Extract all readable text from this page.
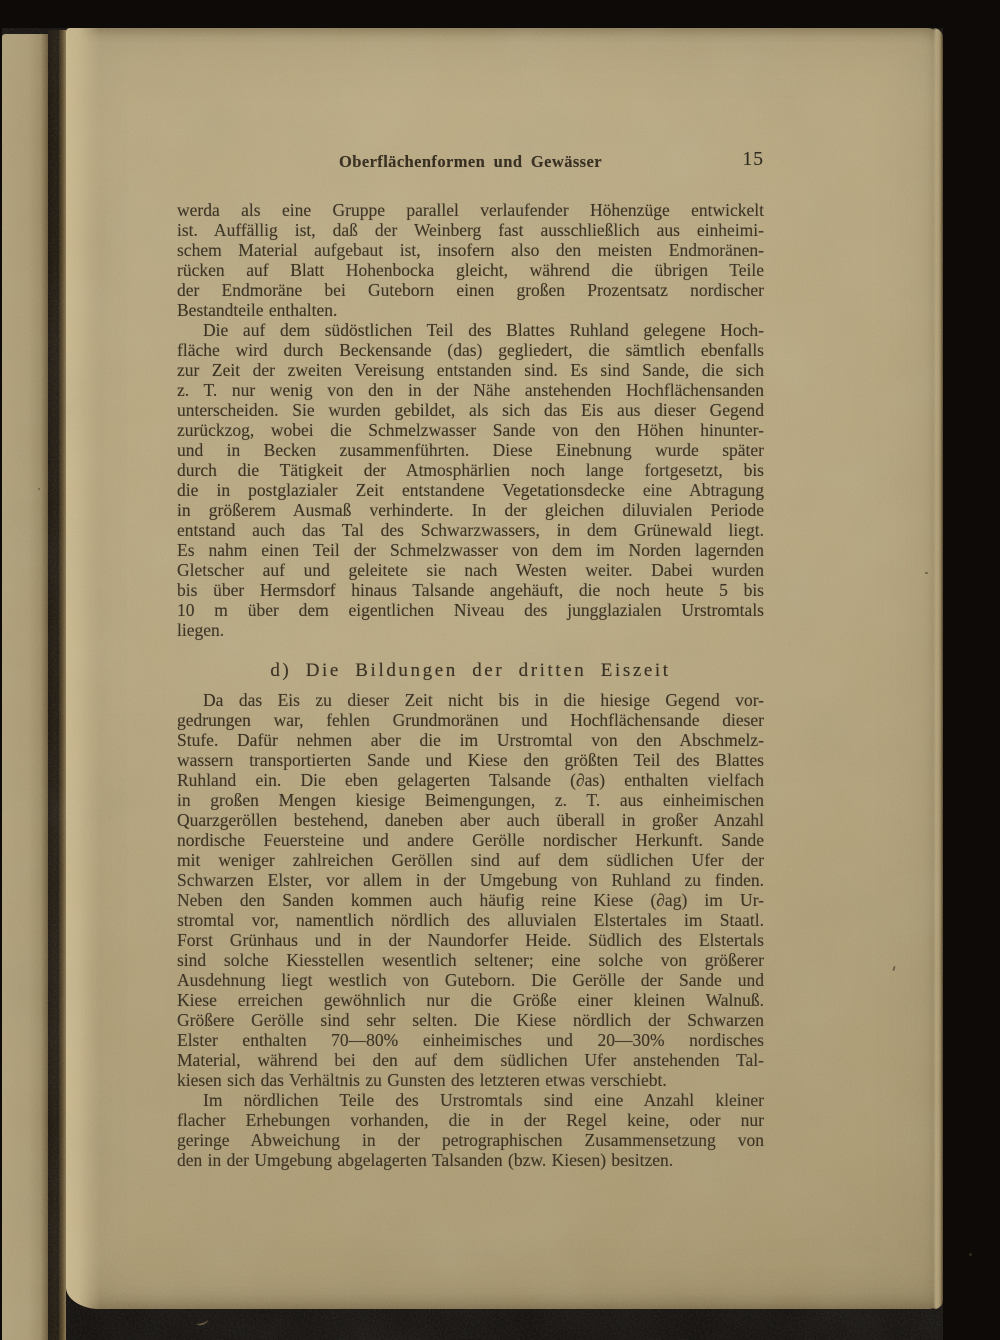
Oberflächenformen und Gewässer	15
werda als eine Gruppe parallel verlaufender Höhenzüge entwickelt
ist. Auffällig ist, daß der Weinberg fast ausschließlich aus einheimi-
schem Material aufgebaut ist, insofern also den meisten Endmoränen-
rücken auf Blatt Hohenbocka gleicht, während die übrigen Teile
der Endmoräne bei Guteborn einen großen Prozentsatz nordischer
Bestandteile enthalten.
Die auf dem südöstlichen Teil des Blattes Ruhland gelegene Hoch-
fläche wird durch Beckensande (das) gegliedert, die sämtlich ebenfalls
zur Zeit der zweiten Vereisung entstanden sind. Es sind Sande, die sich
z. T. nur wenig von den in der Nähe anstehenden Hochflächensanden
unterscheiden. Sie wurden gebildet, als sich das Eis aus dieser Gegend
zurückzog, wobei die Schmelzwasser Sande von den Höhen hinunter-
und in Becken zusammenführten. Diese Einebnung wurde später
durch die Tätigkeit der Atmosphärlien noch lange fortgesetzt, bis
die in postglazialer Zeit entstandene Vegetationsdecke eine Abtragung
in größerem Ausmaß verhinderte. In der gleichen diluvialen Periode
entstand auch das Tal des Schwarzwassers, in dem Grünewald liegt.
Es nahm einen Teil der Schmelzwasser von dem im Norden lagernden
Gletscher auf und geleitete sie nach Westen weiter. Dabei wurden
bis über Hermsdorf hinaus Talsande angehäuft, die noch heute 5 bis
10 m über dem eigentlichen Niveau des jungglazialen Urstromtals
liegen.
d) Die Bildungen der dritten Eiszeit
Da das Eis zu dieser Zeit nicht bis in die hiesige Gegend vor-
gedrungen war, fehlen Grundmoränen und Hochflächensande dieser
Stufe. Dafür nehmen aber die im Urstromtal von den Abschmelz-
wassern transportierten Sande und Kiese den größten Teil des Blattes
Ruhland ein. Die eben gelagerten Talsande (∂as) enthalten vielfach
in großen Mengen kiesige Beimengungen, z. T. aus einheimischen
Quarzgeröllen bestehend, daneben aber auch überall in großer Anzahl
nordische Feuersteine und andere Gerölle nordischer Herkunft. Sande
mit weniger zahlreichen Geröllen sind auf dem südlichen Ufer der
Schwarzen Elster, vor allem in der Umgebung von Ruhland zu finden.
Neben den Sanden kommen auch häufig reine Kiese (∂ag) im Ur-
stromtal vor, namentlich nördlich des alluvialen Elstertales im Staatl.
Forst Grünhaus und in der Naundorfer Heide. Südlich des Elstertals
sind solche Kiesstellen wesentlich seltener; eine solche von größerer
Ausdehnung liegt westlich von Guteborn. Die Gerölle der Sande und
Kiese erreichen gewöhnlich nur die Größe einer kleinen Walnuß.
Größere Gerölle sind sehr selten. Die Kiese nördlich der Schwarzen
Elster enthalten 70—80% einheimisches und 20—30% nordisches
Material, während bei den auf dem südlichen Ufer anstehenden Tal-
kiesen sich das Verhältnis zu Gunsten des letzteren etwas verschiebt.
Im nördlichen Teile des Urstromtals sind eine Anzahl kleiner
flacher Erhebungen vorhanden, die in der Regel keine, oder nur
geringe Abweichung in der petrographischen Zusammensetzung von
den in der Umgebung abgelagerten Talsanden (bzw. Kiesen) besitzen.
